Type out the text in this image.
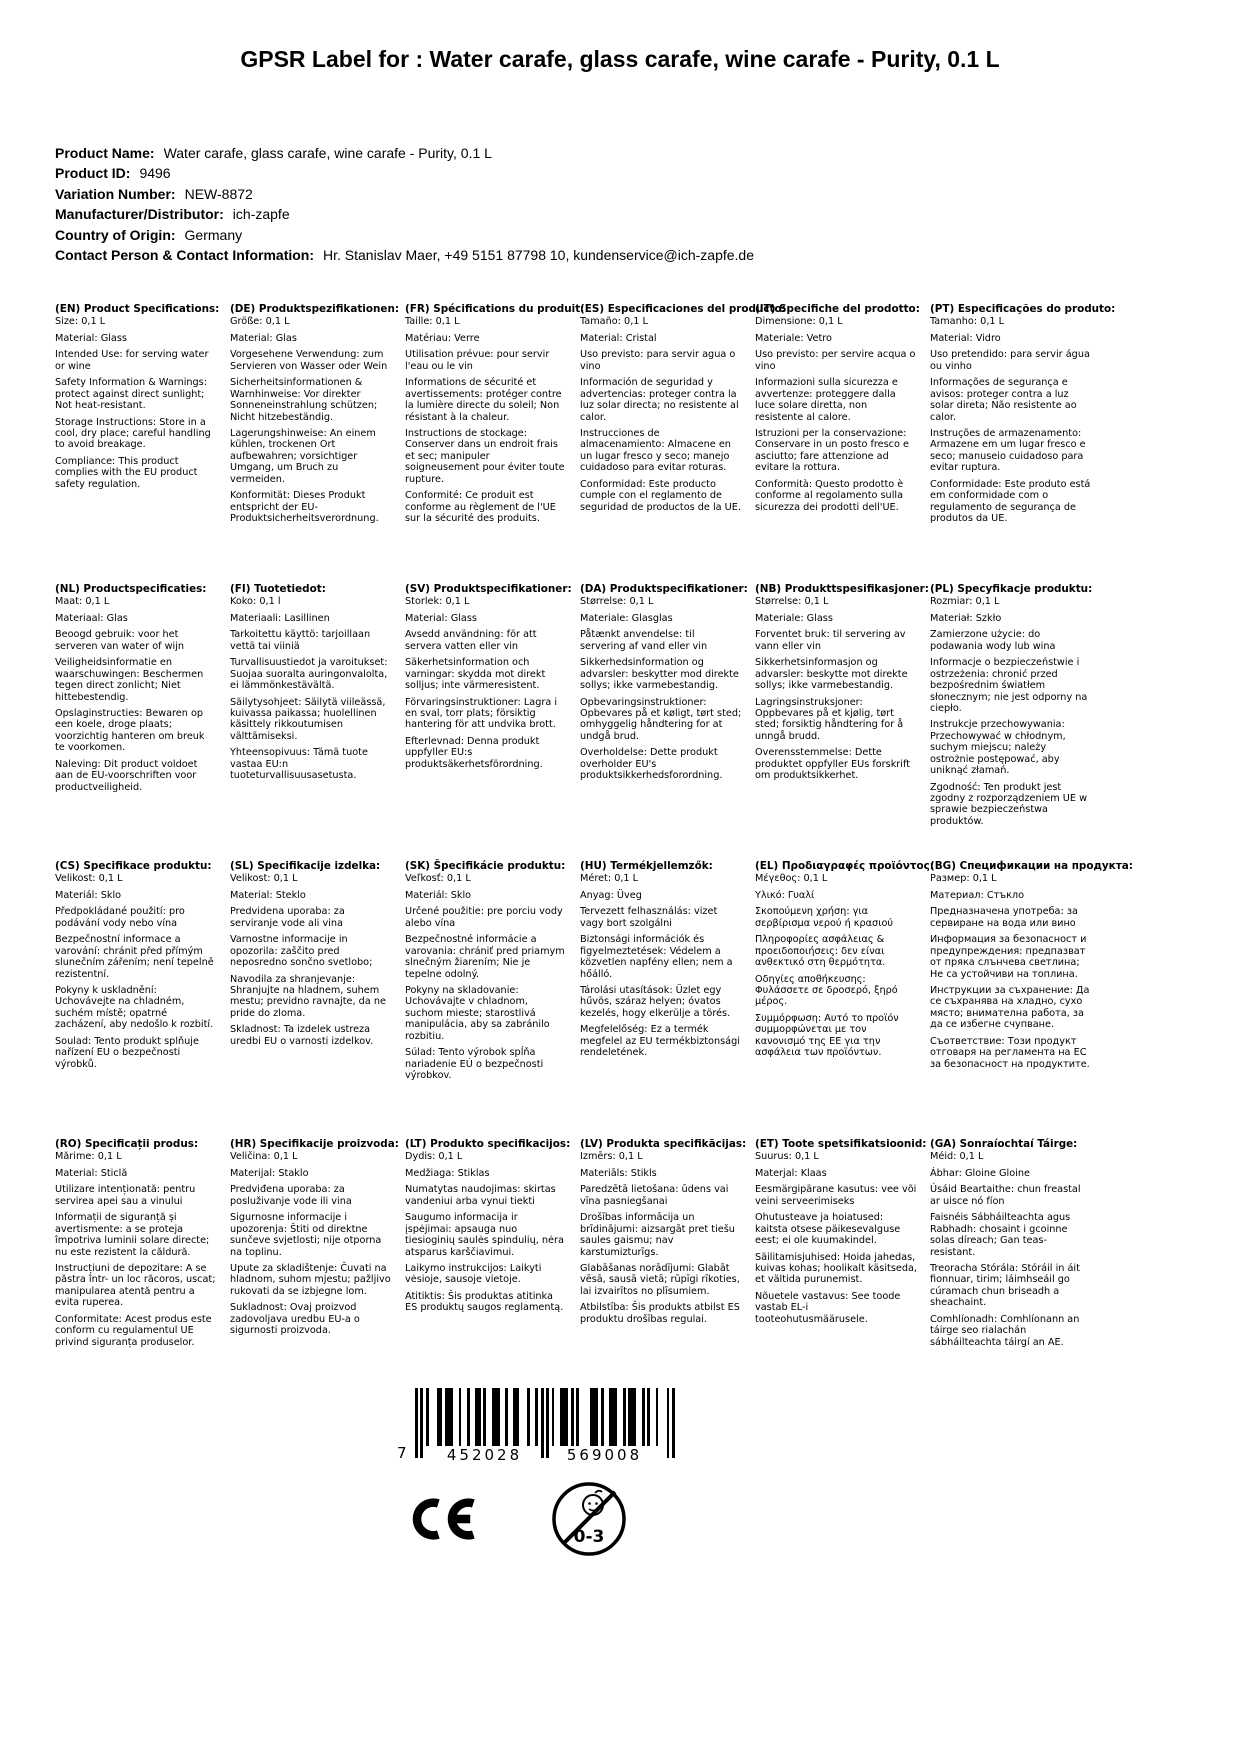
GPSR Label for : Water carafe, glass carafe, wine carafe - Purity, 0.1 L
Product Name: Water carafe, glass carafe, wine carafe - Purity, 0.1 L
Product ID: 9496
Variation Number: NEW-8872
Manufacturer/Distributor: ich-zapfe
Country of Origin: Germany
Contact Person & Contact Information: Hr. Stanislav Maer, +49 5151 87798 10, kundenservice@ich-zapfe.de
(EN) Product Specifications:
Size: 0,1 L
Material: Glass
Intended Use: for serving water or wine
Safety Information & Warnings: protect against direct sunlight; Not heat-resistant.
Storage Instructions: Store in a cool, dry place; careful handling to avoid breakage.
Compliance: This product complies with the EU product safety regulation.
(DE) Produktspezifikationen:
Größe: 0,1 L
Material: Glas
Vorgesehene Verwendung: zum Servieren von Wasser oder Wein
Sicherheitsinformationen & Warnhinweise: Vor direkter Sonneneinstrahlung schützen; Nicht hitzebeständig.
Lagerungshinweise: An einem kühlen, trockenen Ort aufbewahren; vorsichtiger Umgang, um Bruch zu vermeiden.
Konformität: Dieses Produkt entspricht der EU-Produktsicherheitsverordnung.
(FR) Spécifications du produit:
Taille: 0,1 L
Matériau: Verre
Utilisation prévue: pour servir l'eau ou le vin
Informations de sécurité et avertissements: protéger contre la lumière directe du soleil; Non résistant à la chaleur.
Instructions de stockage: Conserver dans un endroit frais et sec; manipuler soigneusement pour éviter toute rupture.
Conformité: Ce produit est conforme au règlement de l'UE sur la sécurité des produits.
(ES) Especificaciones del producto:
Tamaño: 0,1 L
Material: Cristal
Uso previsto: para servir agua o vino
Información de seguridad y advertencias: proteger contra la luz solar directa; no resistente al calor.
Instrucciones de almacenamiento: Almacene en un lugar fresco y seco; manejo cuidadoso para evitar roturas.
Conformidad: Este producto cumple con el reglamento de seguridad de productos de la UE.
(IT) Specifiche del prodotto:
Dimensione: 0,1 L
Materiale: Vetro
Uso previsto: per servire acqua o vino
Informazioni sulla sicurezza e avvertenze: proteggere dalla luce solare diretta, non resistente al calore.
Istruzioni per la conservazione: Conservare in un posto fresco e asciutto; fare attenzione ad evitare la rottura.
Conformità: Questo prodotto è conforme al regolamento sulla sicurezza dei prodotti dell'UE.
(PT) Especificações do produto:
Tamanho: 0,1 L
Material: Vidro
Uso pretendido: para servir água ou vinho
Informações de segurança e avisos: proteger contra a luz solar direta; Não resistente ao calor.
Instruções de armazenamento: Armazene em um lugar fresco e seco; manuseio cuidadoso para evitar ruptura.
Conformidade: Este produto está em conformidade com o regulamento de segurança de produtos da UE.
(NL) Productspecificaties:
Maat: 0,1 L
Materiaal: Glas
Beoogd gebruik: voor het serveren van water of wijn
Veiligheidsinformatie en waarschuwingen: Beschermen tegen direct zonlicht; Niet hittebestendig.
Opslaginstructies: Bewaren op een koele, droge plaats; voorzichtig hanteren om breuk te voorkomen.
Naleving: Dit product voldoet aan de EU-voorschriften voor productveiligheid.
(FI) Tuotetiedot:
Koko: 0,1 l
Materiaali: Lasillinen
Tarkoitettu käyttö: tarjoillaan vettä tai viiniä
Turvallisuustiedot ja varoitukset: Suojaa suoralta auringonvalolta, ei lämmönkestävältä.
Säilytysohjeet: Säilytä viileässä, kuivassa paikassa; huolellinen käsittely rikkoutumisen välttämiseksi.
Yhteensopivuus: Tämä tuote vastaa EU:n tuoteturvallisuusasetusta.
(SV) Produktspecifikationer:
Storlek: 0,1 L
Material: Glass
Avsedd användning: för att servera vatten eller vin
Säkerhetsinformation och varningar: skydda mot direkt solljus; inte värmeresistent.
Förvaringsinstruktioner: Lagra i en sval, torr plats; försiktig hantering för att undvika brott.
Efterlevnad: Denna produkt uppfyller EU:s produktsäkerhetsförordning.
(DA) Produktspecifikationer:
Størrelse: 0,1 L
Materiale: Glasglas
Påtænkt anvendelse: til servering af vand eller vin
Sikkerhedsinformation og advarsler: beskytter mod direkte sollys; ikke varmebestandig.
Opbevaringsinstruktioner: Opbevares på et køligt, tørt sted; omhyggelig håndtering for at undgå brud.
Overholdelse: Dette produkt overholder EU's produktsikkerhedsforordning.
(NB) Produkttspesifikasjoner:
Størrelse: 0,1 L
Materiale: Glass
Forventet bruk: til servering av vann eller vin
Sikkerhetsinformasjon og advarsler: beskytte mot direkte sollys; ikke varmebestandig.
Lagringsinstruksjoner: Oppbevares på et kjølig, tørt sted; forsiktig håndtering for å unngå brudd.
Overensstemmelse: Dette produktet oppfyller EUs forskrift om produktsikkerhet.
(PL) Specyfikacje produktu:
Rozmiar: 0,1 L
Materiał: Szkło
Zamierzone użycie: do podawania wody lub wina
Informacje o bezpieczeństwie i ostrzeżenia: chronić przed bezpośrednim światłem słonecznym; nie jest odporny na ciepło.
Instrukcje przechowywania: Przechowywać w chłodnym, suchym miejscu; należy ostrożnie postępować, aby uniknąć złamań.
Zgodność: Ten produkt jest zgodny z rozporządzeniem UE w sprawie bezpieczeństwa produktów.
(CS) Specifikace produktu:
Velikost: 0,1 L
Materiál: Sklo
Předpokládané použití: pro podávání vody nebo vína
Bezpečnostní informace a varování: chránit před přímým slunečním zářením; není tepelně rezistentní.
Pokyny k uskladnění: Uchovávejte na chladném, suchém místě; opatrné zacházení, aby nedošlo k rozbití.
Soulad: Tento produkt splňuje nařízení EU o bezpečnosti výrobků.
(SL) Specifikacije izdelka:
Velikost: 0,1 L
Material: Steklo
Predvidena uporaba: za serviranje vode ali vina
Varnostne informacije in opozorila: zaščito pred neposredno sončno svetlobo;
Navodila za shranjevanje: Shranjujte na hladnem, suhem mestu; previdno ravnajte, da ne pride do zloma.
Skladnost: Ta izdelek ustreza uredbi EU o varnosti izdelkov.
(SK) Špecifikácie produktu:
Veľkosť: 0,1 L
Materiál: Sklo
Určené použitie: pre porciu vody alebo vína
Bezpečnostné informácie a varovania: chrániť pred priamym slnečným žiarením; Nie je tepelne odolný.
Pokyny na skladovanie: Uchovávajte v chladnom, suchom mieste; starostlivá manipulácia, aby sa zabránilo rozbitiu.
Súlad: Tento výrobok spĺňa nariadenie EÚ o bezpečnosti výrobkov.
(HU) Termékjellemzők:
Méret: 0,1 L
Anyag: Üveg
Tervezett felhasználás: vizet vagy bort szolgálni
Biztonsági információk és figyelmeztetések: Védelem a közvetlen napfény ellen; nem a hőálló.
Tárolási utasítások: Üzlet egy hűvös, száraz helyen; óvatos kezelés, hogy elkerülje a törés.
Megfelelőség: Ez a termék megfelel az EU termékbiztonsági rendeletének.
(EL) Προδιαγραφές προϊόντος:
Μέγεθος: 0,1 L
Υλικό: Γυαλί
Σκοπούμενη χρήση: για σερβίρισμα νερού ή κρασιού
Πληροφορίες ασφάλειας & προειδοποιήσεις: δεν είναι ανθεκτικό στη θερμότητα.
Οδηγίες αποθήκευσης: Φυλάσσετε σε δροσερό, ξηρό μέρος.
Συμμόρφωση: Αυτό το προϊόν συμμορφώνεται με τον κανονισμό της ΕΕ για την ασφάλεια των προϊόντων.
(BG) Спецификации на продукта:
Размер: 0,1 L
Материал: Стъкло
Предназначена употреба: за сервиране на вода или вино
Информация за безопасност и предупреждения: предпазват от пряка слънчева светлина; Не са устойчиви на топлина.
Инструкции за съхранение: Да се съхранява на хладно, сухо място; внимателна работа, за да се избегне счупване.
Съответствие: Този продукт отговаря на регламента на ЕС за безопасност на продуктите.
(RO) Specificații produs:
Mărime: 0,1 L
Material: Sticlă
Utilizare intenționată: pentru servirea apei sau a vinului
Informații de siguranță și avertismente: a se proteja împotriva luminii solare directe; nu este rezistent la căldură.
Instrucțiuni de depozitare: A se păstra într- un loc răcoros, uscat; manipularea atentă pentru a evita ruperea.
Conformitate: Acest produs este conform cu regulamentul UE privind siguranța produselor.
(HR) Specifikacije proizvoda:
Veličina: 0,1 L
Materijal: Staklo
Predviđena uporaba: za posluživanje vode ili vina
Sigurnosne informacije i upozorenja: Štiti od direktne sunčeve svjetlosti; nije otporna na toplinu.
Upute za skladištenje: Čuvati na hladnom, suhom mjestu; pažljivo rukovati da se izbjegne lom.
Sukladnost: Ovaj proizvod zadovoljava uredbu EU-a o sigurnosti proizvoda.
(LT) Produkto specifikacijos:
Dydis: 0,1 L
Medžiaga: Stiklas
Numatytas naudojimas: skirtas vandeniui arba vynui tiekti
Saugumo informacija ir įspėjimai: apsauga nuo tiesioginių saulės spindulių, nėra atsparus karščiavimui.
Laikymo instrukcijos: Laikyti vėsioje, sausoje vietoje.
Atitiktis: Šis produktas atitinka ES produktų saugos reglamentą.
(LV) Produkta specifikācijas:
Izmērs: 0,1 L
Materiāls: Stikls
Paredzētā lietošana: ūdens vai vīna pasniegšanai
Drošības informācija un brīdinājumi: aizsargāt pret tiešu saules gaismu; nav karstumizturīgs.
Glabāšanas norādījumi: Glabāt vēsā, sausā vietā; rūpīgi rīkoties, lai izvairītos no plīsumiem.
Atbilstība: Šis produkts atbilst ES produktu drošības regulai.
(ET) Toote spetsifikatsioonid:
Suurus: 0,1 L
Materjal: Klaas
Eesmärgipärane kasutus: vee või veini serveerimiseks
Ohutusteave ja hoiatused: kaitsta otsese päikesevalguse eest; ei ole kuumakindel.
Säilitamisjuhised: Hoida jahedas, kuivas kohas; hoolikalt käsitseda, et vältida purunemist.
Nõuetele vastavus: See toode vastab EL-i tooteohutusmäärusele.
(GA) Sonraíochtaí Táirge:
Méid: 0,1 L
Ábhar: Gloine Gloine
Úsáid Beartaithe: chun freastal ar uisce nó fíon
Faisnéis Sábháilteachta agus Rabhadh: chosaint i gcoinne solas díreach; Gan teas-resistant.
Treoracha Stórála: Stóráil in áit fionnuar, tirim; láimhseáil go cúramach chun briseadh a sheachaint.
Comhlíonadh: Comhlíonann an táirge seo rialachán sábháilteachta táirgí an AE.
7	452028	569008
0-3
